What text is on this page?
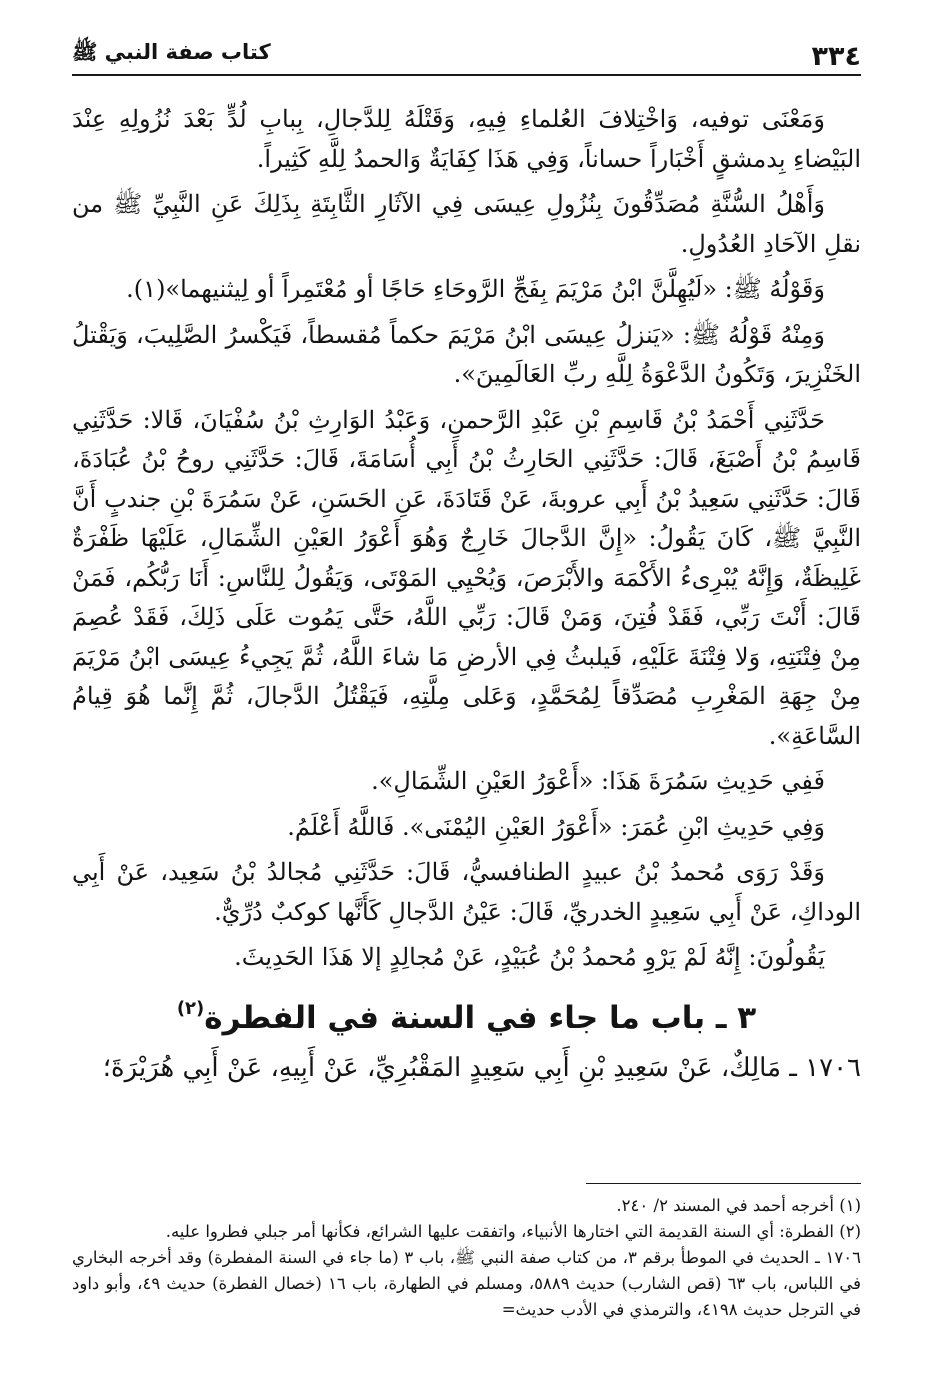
٣٣٤
كتاب صفة النبي ﷺ

وَمَعْنَى توفيه، وَاخْتِلافَ العُلماءِ فِيهِ، وَقَتْلَهُ لِلدَّجالِ، بِبابِ لُدٍّ بَعْدَ نُزُولِهِ عِنْدَ البَيْضاءِ بِدمشقٍ أَخْبَاراً حساناً، وَفِي هَذَا كِفَايَةٌ وَالحمدُ لِلَّهِ كَثِيراً.

وَأَهْلُ السُّنَّةِ مُصَدِّقُونَ بِنُزُولِ عِيسَى فِي الآثَارِ الثَّابِتَةِ بِذَلِكَ عَنِ النَّبِيِّ ﷺ من نقلِ الآحَادِ العُدُولِ.

وَقَوْلُهُ ﷺ: «لَيُهِلَّنَّ ابْنُ مَرْيَمَ بِفَجِّ الرَّوحَاءِ حَاجًا أو مُعْتَمِراً أو لِيثنيهما»(١).

وَمِنْهُ قَوْلُهُ ﷺ: «يَنزلُ عِيسَى ابْنُ مَرْيَمَ حكماً مُقسطاً، فَيَكْسرُ الصَّلِيبَ، وَيَقْتلُ الخَنْزِيرَ، وَتَكُونُ الدَّعْوَةُ لِلَّهِ ربِّ العَالَمِينَ».

حَدَّثَنِي أَحْمَدُ بْنُ قَاسِمِ بْنِ عَبْدِ الرَّحمنِ، وَعَبْدُ الوَارِثِ بْنُ سُفْيَانَ، قَالا: حَدَّثَنِي قَاسِمُ بْنُ أَصْبَغَ، قَالَ: حَدَّثَنِي الحَارِثُ بْنُ أَبِي أُسَامَةَ، قَالَ: حَدَّثَنِي روحُ بْنُ عُبَادَةَ، قَالَ: حَدَّثَنِي سَعِيدُ بْنُ أَبِي عروبةَ، عَنْ قَتَادَةَ، عَنِ الحَسَنِ، عَنْ سَمُرَةَ بْنِ جندبٍ أَنَّ النَّبِيَّ ﷺ، كَانَ يَقُولُ: «إِنَّ الدَّجالَ خَارِجٌ وَهُوَ أَعْوَرُ العَيْنِ الشِّمَالِ، عَلَيْهَا ظَفْرَةٌ غَلِيظَةٌ، وَإِنَّهُ يُبْرِىءُ الأَكْمَهَ والأَبْرَصَ، وَيُحْيِي المَوْتَى، وَيَقُولُ لِلنَّاسِ: أَنَا رَبُّكُم، فَمَنْ قَالَ: أَنْتَ رَبِّي، فَقَدْ فُتِنَ، وَمَنْ قَالَ: رَبِّي اللَّهُ، حَتَّى يَمُوت عَلَى ذَلِكَ، فَقَدْ عُصِمَ مِنْ فِتْنَتِهِ، وَلا فِتْنَةَ عَلَيْهِ، فَيلبثُ فِي الأرضِ مَا شاءَ اللَّهُ، ثُمَّ يَجِيءُ عِيسَى ابْنُ مَرْيَمَ مِنْ جِهَةِ المَغْرِبِ مُصَدِّقاً لِمُحَمَّدٍ، وَعَلى مِلَّتِهِ، فَيَقْتُلُ الدَّجالَ، ثُمَّ إِنَّما هُوَ قِيامُ السَّاعَةِ».

فَفِي حَدِيثِ سَمُرَةَ هَذَا: «أَعْوَرُ العَيْنِ الشِّمَالِ».

وَفِي حَدِيثِ ابْنِ عُمَرَ: «أَعْوَرُ العَيْنِ اليُمْنَى». فَاللَّهُ أَعْلَمُ.

وَقَدْ رَوَى مُحمدُ بْنُ عبيدٍ الطنافسيُّ، قَالَ: حَدَّثَنِي مُجالدُ بْنُ سَعِيد، عَنْ أَبِي الوداكِ، عَنْ أَبِي سَعِيدٍ الخدريِّ، قَالَ: عَيْنُ الدَّجالِ كَأَنَّها كوكبٌ دُرِّيٌّ.

يَقُولُونَ: إِنَّهُ لَمْ يَرْوِ مُحمدُ بْنُ عُبَيْدٍ، عَنْ مُجالِدٍ إلا هَذَا الحَدِيثَ.

٣ ـ باب ما جاء في السنة في الفطرة$^{(٢)}$

١٧٠٦ ـ مَالِكٌ، عَنْ سَعِيدِ بْنِ أَبِي سَعِيدٍ المَقْبُرِيِّ، عَنْ أَبِيهِ، عَنْ أَبِي هُرَيْرَةَ؛

(١) أخرجه أحمد في المسند ٢/ ٢٤٠.

(٢) الفطرة: أي السنة القديمة التي اختارها الأنبياء، واتفقت عليها الشرائع، فكأنها أمر جبلي فطروا عليه.

١٧٠٦ ـ الحديث في الموطأ برقم ٣، من كتاب صفة النبي ﷺ، باب ٣ (ما جاء في السنة المفطرة) وقد أخرجه البخاري في اللباس، باب ٦٣ (قص الشارب) حديث ٥٨٨٩، ومسلم في الطهارة، باب ١٦ (خصال الفطرة) حديث ٤٩، وأبو داود في الترجل حديث ٤١٩٨، والترمذي في الأدب حديث=
